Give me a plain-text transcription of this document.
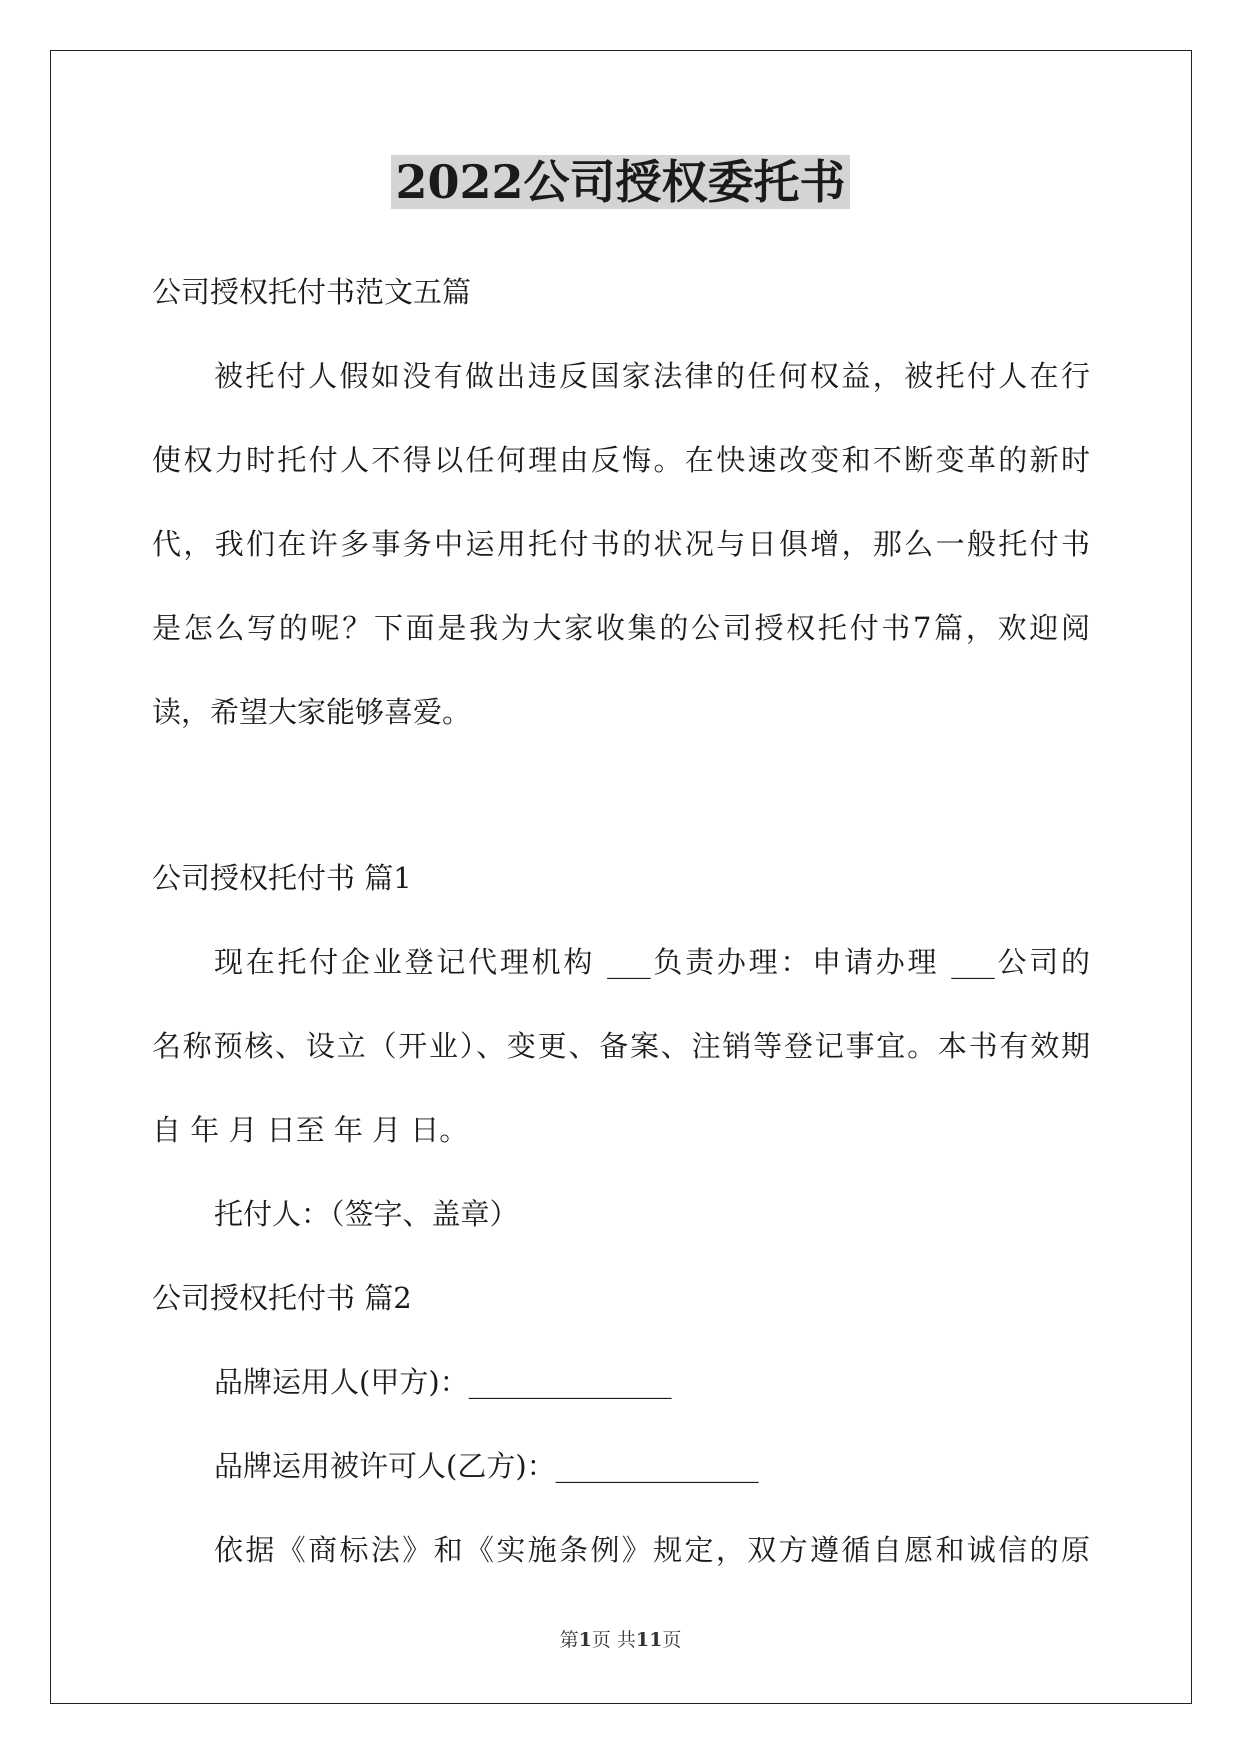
2022公司授权委托书
公司授权托付书范文五篇
被托付人假如没有做出违反国家法律的任何权益，被托付人在行
使权力时托付人不得以任何理由反悔。在快速改变和不断变革的新时
代，我们在许多事务中运用托付书的状况与日俱增，那么一般托付书
是怎么写的呢？下面是我为大家收集的公司授权托付书7篇，欢迎阅
读，希望大家能够喜爱。
公司授权托付书 篇1
现在托付企业登记代理机构 ___负责办理：申请办理 ___公司的
名称预核、设立（开业）、变更、备案、注销等登记事宜。本书有效期
自 年 月 日至 年 月 日。
托付人：（签字、盖章）
公司授权托付书 篇2
品牌运用人(甲方)：______________
品牌运用被许可人(乙方)：______________
依据《商标法》和《实施条例》规定，双方遵循自愿和诚信的原
第1页 共11页
